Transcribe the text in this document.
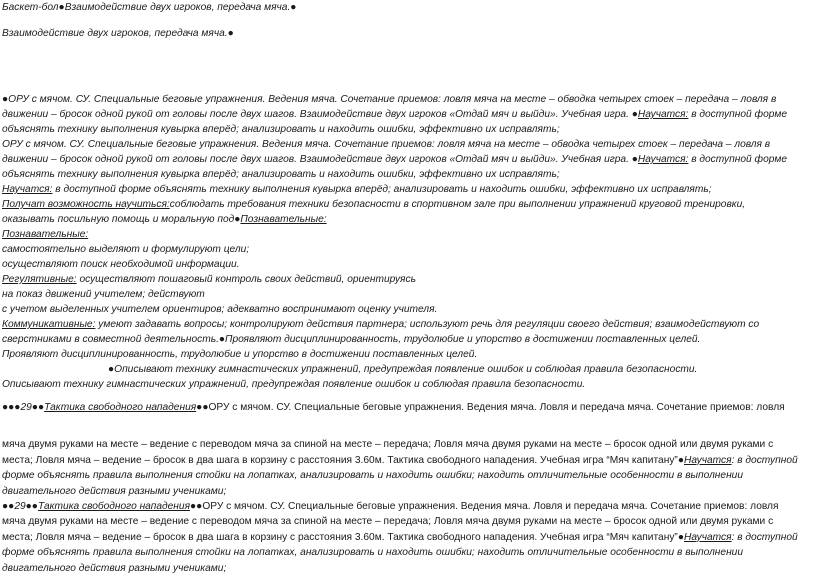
Баскет-бол●Взаимодействие двух игроков, передача мяча.●
Взаимодействие двух игроков, передача мяча.●
●ОРУ с мячом. СУ. Специальные беговые упражнения. Ведения мяча. Сочетание приемов: ловля мяча на месте – обводка четырех стоек – передача – ловля в
движении – бросок одной рукой от головы после двух шагов. Взаимодействие двух игроков «Отдай мяч и выйди». Учебная игра. ●Научатся: в доступной форме
объяснять технику выполнения кувырка вперёд; анализировать и находить ошибки, эффективно их исправлять;
ОРУ с мячом. СУ. Специальные беговые упражнения. Ведения мяча. Сочетание приемов: ловля мяча на месте – обводка четырех стоек – передача – ловля в
движении – бросок одной рукой от головы после двух шагов. Взаимодействие двух игроков «Отдай мяч и выйди». Учебная игра. ●Научатся: в доступной форме
объяснять технику выполнения кувырка вперёд; анализировать и находить ошибки, эффективно их исправлять;
Научатся: в доступной форме объяснять технику выполнения кувырка вперёд; анализировать и находить ошибки, эффективно их исправлять;
Получат возможность научиться:соблюдать требования техники безопасности в спортивном зале при выполнении упражнений круговой тренировки,
оказывать посильную помощь и моральную под●Познавательные:
Познавательные:
самостоятельно выделяют и формулируют цели;
осуществляют поиск необходимой информации.
Регулятивные: осуществляют пошаговый контроль своих действий, ориентируясь
на показ движений учителем; действуют
с учетом выделенных учителем ориентиров; адекватно воспринимают оценку учителя.
Коммуникативные: умеют задавать вопросы; контролируют действия партнера; используют речь для регуляции своего действия; взаимодействуют со
сверстниками в совместной деятельность.●Проявляют дисциплинированность, трудолюбие и упорство в достижении поставленных целей.
Проявляют дисциплинированность, трудолюбие и упорство в достижении поставленных целей.
●Описывают технику гимнастических упражнений, предупреждая появление ошибок и соблюдая правила безопасности.
Описывают технику гимнастических упражнений, предупреждая появление ошибок и соблюдая правила безопасности.
●●●29●●Тактика свободного нападения●●ОРУ с мячом. СУ. Специальные беговые упражнения. Ведения мяча. Ловля и передача мяча. Сочетание приемов: ловля
мяча двумя руками на месте – ведение с переводом мяча за спиной на месте – передача; Ловля мяча двумя руками на месте – бросок одной или двумя руками с
места; Ловля мяча – ведение – бросок в два шага в корзину с расстояния 3.60м. Тактика свободного нападения. Учебная игра “Мяч капитану”●Научатся: в доступной
форме объяснять правила выполнения стойки на лопатках, анализировать и находить ошибки; находить отличительные особенности в выполнении
двигательного действия разными учениками;
●●29●●Тактика свободного нападения●●ОРУ с мячом. СУ. Специальные беговые упражнения. Ведения мяча. Ловля и передача мяча. Сочетание приемов: ловля
мяча двумя руками на месте – ведение с переводом мяча за спиной на месте – передача; Ловля мяча двумя руками на месте – бросок одной или двумя руками с
места; Ловля мяча – ведение – бросок в два шага в корзину с расстояния 3.60м. Тактика свободного нападения. Учебная игра “Мяч капитану”●Научатся: в доступной
форме объяснять правила выполнения стойки на лопатках, анализировать и находить ошибки; находить отличительные особенности в выполнении
двигательного действия разными учениками;
